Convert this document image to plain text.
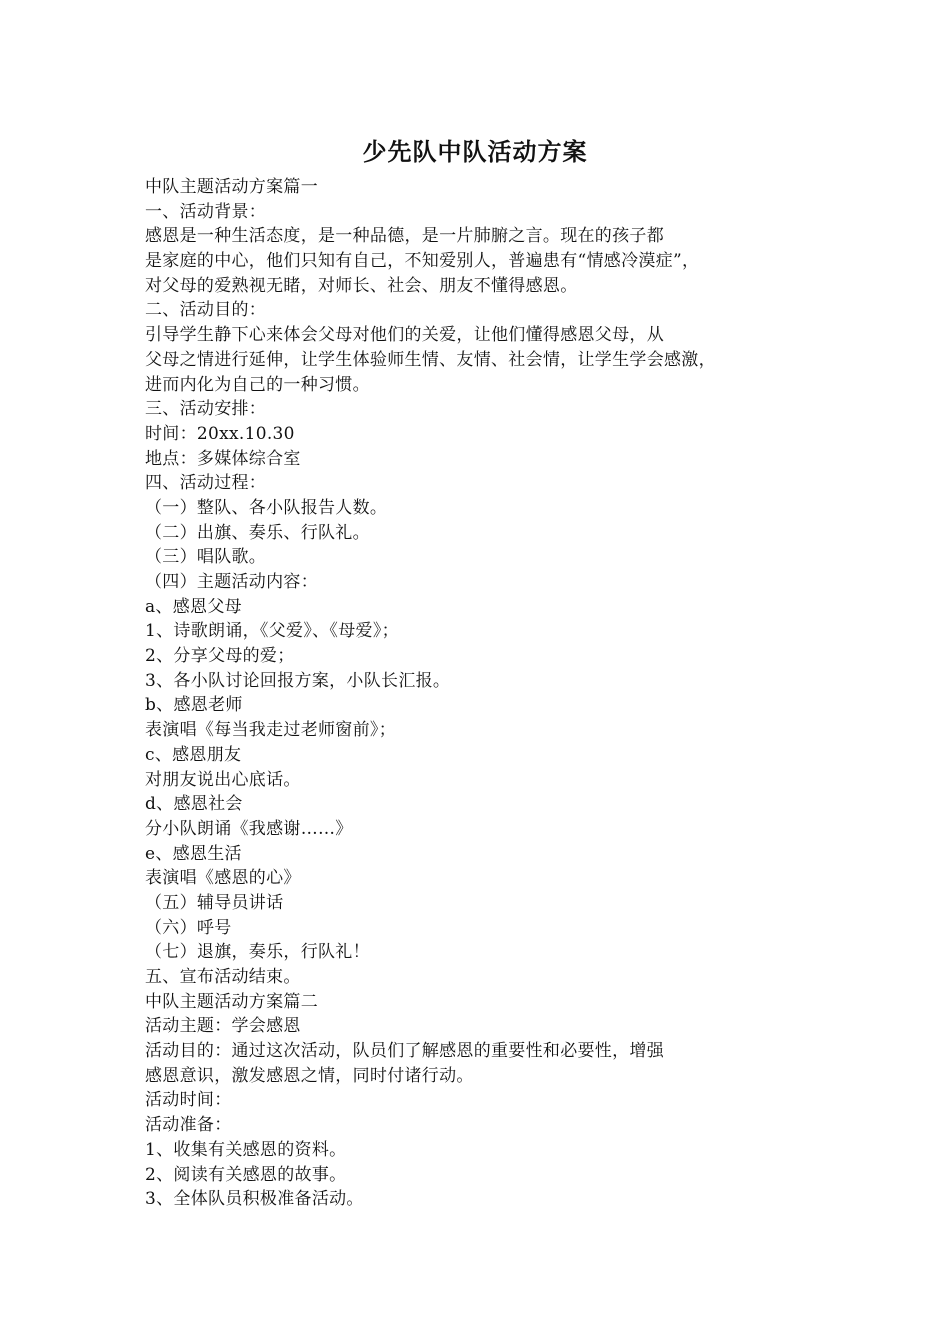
少先队中队活动方案
中队主题活动方案篇一
一、活动背景：
感恩是一种生活态度，是一种品德，是一片肺腑之言。现在的孩子都
是家庭的中心，他们只知有自己，不知爱别人，普遍患有“情感冷漠症”，
对父母的爱熟视无睹，对师长、社会、朋友不懂得感恩。
二、活动目的：
引导学生静下心来体会父母对他们的关爱，让他们懂得感恩父母，从
父母之情进行延伸，让学生体验师生情、友情、社会情，让学生学会感激，
进而内化为自己的一种习惯。
三、活动安排：
时间：20xx.10.30
地点：多媒体综合室
四、活动过程：
（一）整队、各小队报告人数。
（二）出旗、奏乐、行队礼。
（三）唱队歌。
（四）主题活动内容：
a、感恩父母
1、诗歌朗诵，《父爱》、《母爱》；
2、分享父母的爱；
3、各小队讨论回报方案，小队长汇报。
b、感恩老师
表演唱《每当我走过老师窗前》；
c、感恩朋友
对朋友说出心底话。
d、感恩社会
分小队朗诵《我感谢……》
e、感恩生活
表演唱《感恩的心》
（五）辅导员讲话
（六）呼号
（七）退旗，奏乐，行队礼！
五、宣布活动结束。
中队主题活动方案篇二
活动主题：学会感恩
活动目的：通过这次活动，队员们了解感恩的重要性和必要性，增强
感恩意识，激发感恩之情，同时付诸行动。
活动时间：
活动准备：
1、收集有关感恩的资料。
2、阅读有关感恩的故事。
3、全体队员积极准备活动。
